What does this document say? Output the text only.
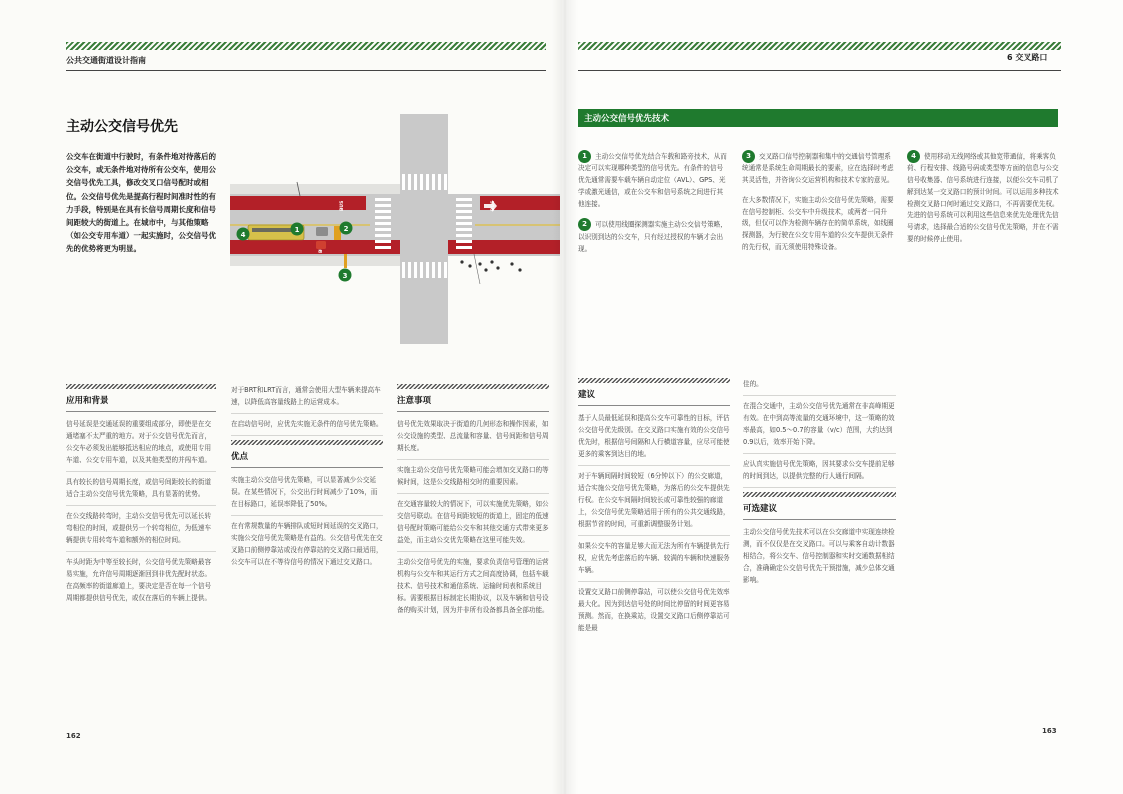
公共交通街道设计指南
主动公交信号优先
公交车在街道中行驶时，有条件地对待落后的公交车，或无条件地对待所有公交车，使用公交信号优先工具，修改交叉口信号配时或相位。公交信号优先是提高行程时间准时性的有力手段，特别是在具有长信号周期长度和信号间距较大的街道上。在城市中，与其他策略（如公交专用车道）一起实施时，公交信号优先的优势将更为明显。
BUS
1	2
3
4
应用和背景

信号延误是交通延误的重要组成部分，即使是在交通堵塞不太严重的地方。对于公交信号优先而言，公交车必须发出能够抵达相应的地点，或使用专用车道、公交专用车道，以及其他类型的并闯车道。

具有较长的信号周期长度，或信号间距较长的街道适合主动公交信号优先策略，具有显著的优势。

在公交线路转弯时，主动公交信号优先可以延长转弯相位的时间，或提供另一个转弯相位，为低速车辆提供专用转弯车道和额外的相位时间。

车头时距为中等至较长时，公交信号优先策略最容易实施，允许信号周期逐渐回到非优先配时状态。在高频率的街道廊道上，要决定是否在每一个信号周期都提供信号优先，或仅在落后的车辆上提供。

对于BRT和LRT而言，通常会使用大型车辆来提高车速，以降低高容量线路上的运营成本。

在启动信号时，应优先实施无条件的信号优先策略。

优点

实施主动公交信号优先策略，可以显著减少公交延误。在某些情况下，公交出行时间减少了10%，而在目标路口，延误率降低了50%。

在有常规数量的车辆排队或短时间延误的交叉路口，实施公交信号优先策略是有益的。公交信号优先在交叉路口前侧停靠站或没有停靠站的交叉路口最适用，公交车可以在不等待信号的情况下通过交叉路口。

注意事项

信号优先效果取决于街道的几何形态和操作因素，如公交设施的类型、总流量和容量、信号间距和信号周期长度。

实施主动公交信号优先策略可能会增加交叉路口的等候时间，这是公交线路相交时的重要因素。

在交通容量较大的情况下，可以实施优先策略，如公交信号联动。在信号间距较短的街道上，固定的低速信号配时策略可能给公交车和其他交通方式带来更多益处，而主动公交优先策略在这里可能失效。

主动公交信号优先的实施，要求负责信号管理的运营机构与公交车和其运行方式之间高度协调，包括车载技术、信号技术和通信系统、运输时间表和系统目标。需要根据目标制定长期协议，以及车辆和信号设备的购买计划，因为并非所有设备都具备全部功能。

162
6 交叉路口
主动公交信号优先技术

1 主动公交信号优先结合车载和路旁技术，从而决定可以实现哪种类型的信号优先。有条件的信号优先通常需要车载车辆自动定位（AVL）、GPS、光学或激光通信，或在公交车和信号系统之间进行其他连接。

2 可以使用线圈探测器实施主动公交信号策略，以识别到达的公交车，只有经过授权的车辆才会出现。

3 交叉路口信号控制器和集中的交通信号管理系统通常是系统生命周期最长的要素，应在选择时考虑其灵活性，并咨询公交运营机构和技术专家的意见。

在大多数情况下，实施主动公交信号优先策略，需要在信号控制柜、公交车中升级技术，或两者一同升级，但仅可以作为检测车辆存在的简单系统，如线圈探测器，为行驶在公交专用车道的公交车提供无条件的先行权，而无须使用特殊设备。

4 使用移动无线网络或其他宽带通信，将乘客负荷、行程安排、线路号码或类型等方面的信息与公交信号收集器、信号系统进行连接，以便公交车司机了解到达某一交叉路口的预计时间。可以运用多种技术检测交叉路口何时通过交叉路口，不再需要优先权。先进的信号系统可以利用这些信息来优先处理优先信号请求，选择最合适的公交信号优先策略，并在不需要的时候停止使用。

建议

基于人员最低延误和提高公交车可靠性的目标，评估公交信号优先级别。在交叉路口实施有效的公交信号优先时，根据信号间隔和人行横道容量，应尽可能使更多的乘客到达目的地。

对于车辆间隔时间较短（6分钟以下）的公交廊道，适合实施公交信号优先策略，为落后的公交车提供先行权。在公交车间隔时间较长或可靠性较强的廊道上，公交信号优先策略适用于所有的公共交通线路，根据节省的时间，可重新调整服务计划。

如果公交车的容量足够大而无法为所有车辆提供先行权，应优先考虑落后的车辆、较满的车辆和快速服务车辆。

设置交叉路口前侧停靠站，可以使公交信号优先效率最大化。因为到达信号处的时间比停留的时间更容易预测。然而，在换乘站，设置交叉路口后侧停靠站可能是最

佳的。

在混合交通中，主动公交信号优先通常在非高峰期更有效。在中到高等流量的交通环境中，这一策略的效率最高，如0.5～0.7的容量（v/c）范围，大约达到0.9以后，效率开始下降。

应认真实施信号优先策略，因其要求公交车提前足够的时间到达，以提供完整的行人通行间隔。

可选建议

主动公交信号优先技术可以在公交廊道中实现连续检测，而不仅仅是在交叉路口。可以与乘客自动计数器相结合，将公交车、信号控制器和实时交通数据相结合，准确确定公交信号优先干预措施，减少总体交通影响。

163
